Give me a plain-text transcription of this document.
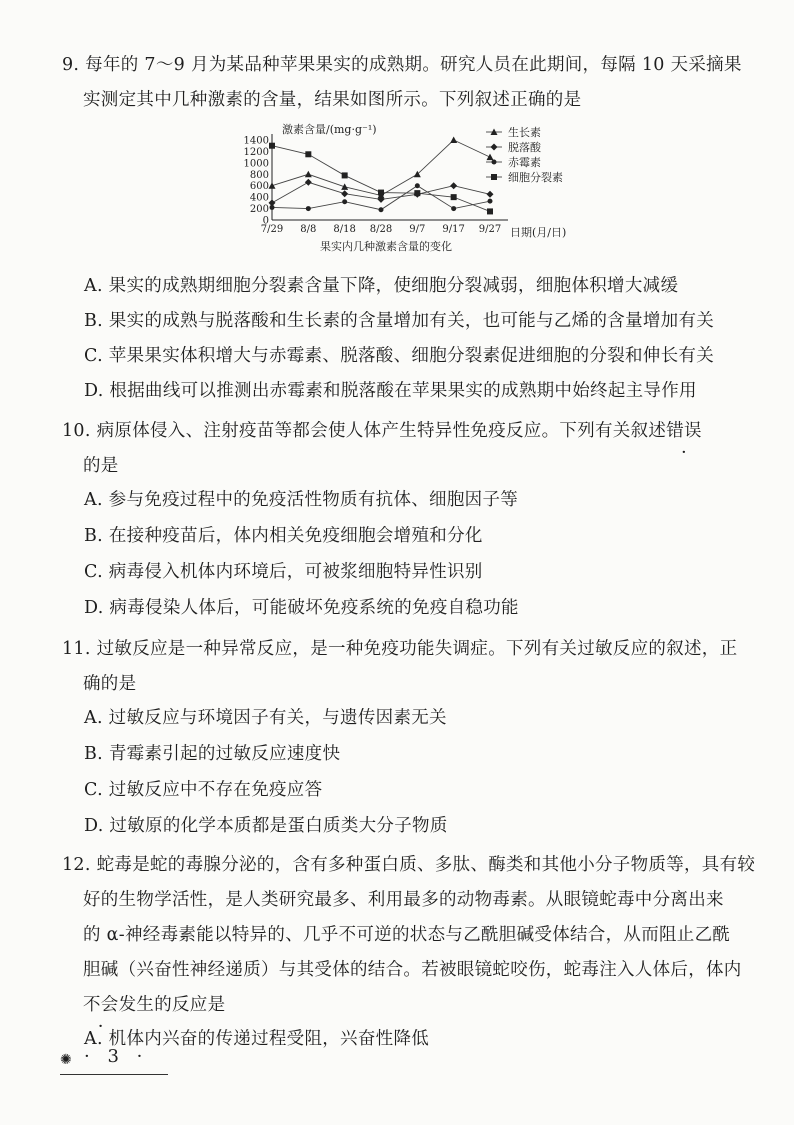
9. 每年的 7～9 月为某品种苹果果实的成熟期。研究人员在此期间，每隔 10 天采摘果
实测定其中几种激素的含量，结果如图所示。下列叙述正确的是
激素含量/(mg·g⁻¹)
日期(月/日)
果实内几种激素含量的变化
1400
1200
1000
800
600
400
200
0
7/29 8/8 8/18 8/28 9/7 9/17 9/27
生长素
脱落酸
赤霉素
细胞分裂素
A. 果实的成熟期细胞分裂素含量下降，使细胞分裂减弱，细胞体积增大减缓
B. 果实的成熟与脱落酸和生长素的含量增加有关，也可能与乙烯的含量增加有关
C. 苹果果实体积增大与赤霉素、脱落酸、细胞分裂素促进细胞的分裂和伸长有关
D. 根据曲线可以推测出赤霉素和脱落酸在苹果果实的成熟期中始终起主导作用
10. 病原体侵入、注射疫苗等都会使人体产生特异性免疫反应。下列有关叙述错误
的是
A. 参与免疫过程中的免疫活性物质有抗体、细胞因子等
B. 在接种疫苗后，体内相关免疫细胞会增殖和分化
C. 病毒侵入机体内环境后，可被浆细胞特异性识别
D. 病毒侵染人体后，可能破坏免疫系统的免疫自稳功能
11. 过敏反应是一种异常反应，是一种免疫功能失调症。下列有关过敏反应的叙述，正
确的是
A. 过敏反应与环境因子有关，与遗传因素无关
B. 青霉素引起的过敏反应速度快
C. 过敏反应中不存在免疫应答
D. 过敏原的化学本质都是蛋白质类大分子物质
12. 蛇毒是蛇的毒腺分泌的，含有多种蛋白质、多肽、酶类和其他小分子物质等，具有较
好的生物学活性，是人类研究最多、利用最多的动物毒素。从眼镜蛇毒中分离出来
的 α-神经毒素能以特异的、几乎不可逆的状态与乙酰胆碱受体结合，从而阻止乙酰
胆碱（兴奋性神经递质）与其受体的结合。若被眼镜蛇咬伤，蛇毒注入人体后，体内
不会发生的反应是
A. 机体内兴奋的传递过程受阻，兴奋性降低
✺ · 3 ·
